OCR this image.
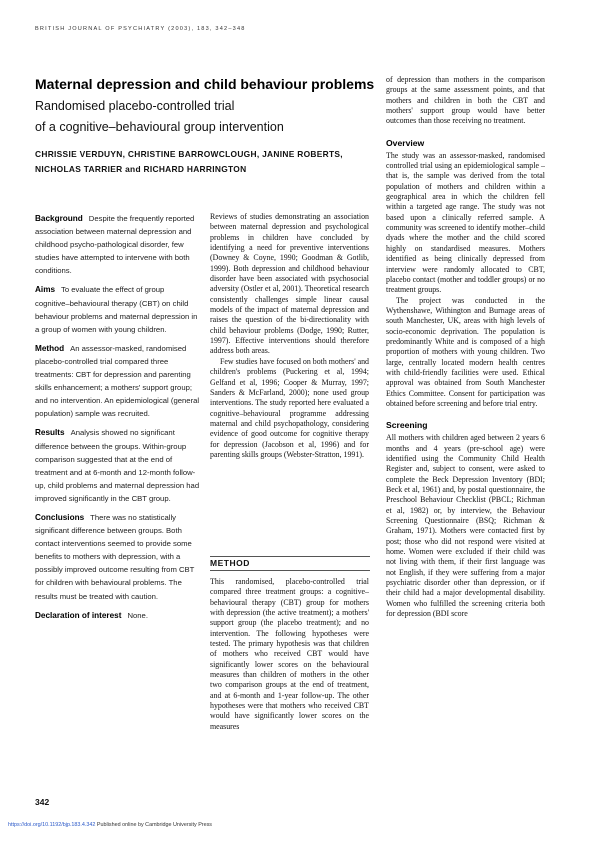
BRITISH JOURNAL OF PSYCHIATRY (2003), 183, 342–348
Maternal depression and child behaviour problems
Randomised placebo-controlled trial
of a cognitive–behavioural group intervention
CHRISSIE VERDUYN, CHRISTINE BARROWCLOUGH, JANINE ROBERTS,
NICHOLAS TARRIER and RICHARD HARRINGTON

Background Despite the frequently reported association between maternal depression and childhood psycho-pathological disorder, few studies have attempted to intervene with both conditions.

Aims To evaluate the effect of group cognitive–behavioural therapy (CBT) on child behaviour problems and maternal depression in a group of women with young children.

Method An assessor-masked, randomised placebo-controlled trial compared three treatments: CBT for depression and parenting skills enhancement; a mothers' support group; and no intervention. An epidemiological (general population) sample was recruited.

Results Analysis showed no significant difference between the groups. Within-group comparison suggested that at the end of treatment and at 6-month and 12-month follow-up, child problems and maternal depression had improved significantly in the CBT group.

Conclusions There was no statistically significant difference between groups. Both contact interventions seemed to provide some benefits to mothers with depression, with a possibly improved outcome resulting from CBT for children with behavioural problems. The results must be treated with caution.

Declaration of interest None.

Reviews of studies demonstrating an association between maternal depression and psychological problems in children have concluded by identifying a need for preventive interventions (Downey & Coyne, 1990; Goodman & Gotlib, 1999). Both depression and childhood behaviour disorder have been associated with psychosocial adversity (Ostler et al, 2001). Theoretical research consistently challenges simple linear causal models of the impact of maternal depression and raises the question of the bi-directionality with child behaviour problems (Dodge, 1990; Rutter, 1997). Effective interventions should therefore address both areas.

Few studies have focused on both mothers' and children's problems (Puckering et al, 1994; Gelfand et al, 1996; Cooper & Murray, 1997; Sanders & McFarland, 2000); none used group interventions. The study reported here evaluated a cognitive–behavioural programme addressing maternal and child psychopathology, considering evidence of good outcome for cognitive therapy for depression (Jacobson et al, 1996) and for parenting skills groups (Webster-Stratton, 1991).

METHOD

This randomised, placebo-controlled trial compared three treatment groups: a cognitive–behavioural therapy (CBT) group for mothers with depression (the active treatment); a mothers' support group (the placebo treatment); and no intervention. The following hypotheses were tested. The primary hypothesis was that children of mothers who received CBT would have significantly lower scores on the behavioural measures than children of mothers in the other two comparison groups at the end of treatment, and at 6-month and 1-year follow-up. The other hypotheses were that mothers who received CBT would have significantly lower scores on the measures

of depression than mothers in the comparison groups at the same assessment points, and that mothers and children in both the CBT and mothers' support group would have better outcomes than those receiving no treatment.

Overview

The study was an assessor-masked, randomised controlled trial using an epidemiological sample – that is, the sample was derived from the total population of mothers and children within a geographical area in which the children fell within a targeted age range. The study was not based upon a clinically referred sample. A community was screened to identify mother–child dyads where the mother and the child scored highly on standardised measures. Mothers identified as being clinically depressed from interview were randomly allocated to CBT, placebo contact (mother and toddler groups) or no treatment groups.

The project was conducted in the Wythenshawe, Withington and Burnage areas of south Manchester, UK, areas with high levels of socio-economic deprivation. The population is predominantly White and is composed of a high proportion of mothers with young children. Two large, centrally located modern health centres with child-friendly facilities were used. Ethical approval was obtained from South Manchester Ethics Committee. Consent for participation was obtained before screening and before trial entry.

Screening

All mothers with children aged between 2 years 6 months and 4 years (pre-school age) were identified using the Community Child Health Register and, subject to consent, were asked to complete the Beck Depression Inventory (BDI; Beck et al, 1961) and, by postal questionnaire, the Preschool Behaviour Checklist (PBCL; Richman et al, 1982) or, by interview, the Behaviour Screening Questionnaire (BSQ; Richman & Graham, 1971). Mothers were contacted first by post; those who did not respond were visited at home. Women were excluded if their child was not living with them, if their first language was not English, if they were suffering from a major psychiatric disorder other than depression, or if their child had a major developmental disability. Women who fulfilled the screening criteria both for depression (BDI score

342
https://doi.org/10.1192/bjp.183.4.342 Published online by Cambridge University Press
